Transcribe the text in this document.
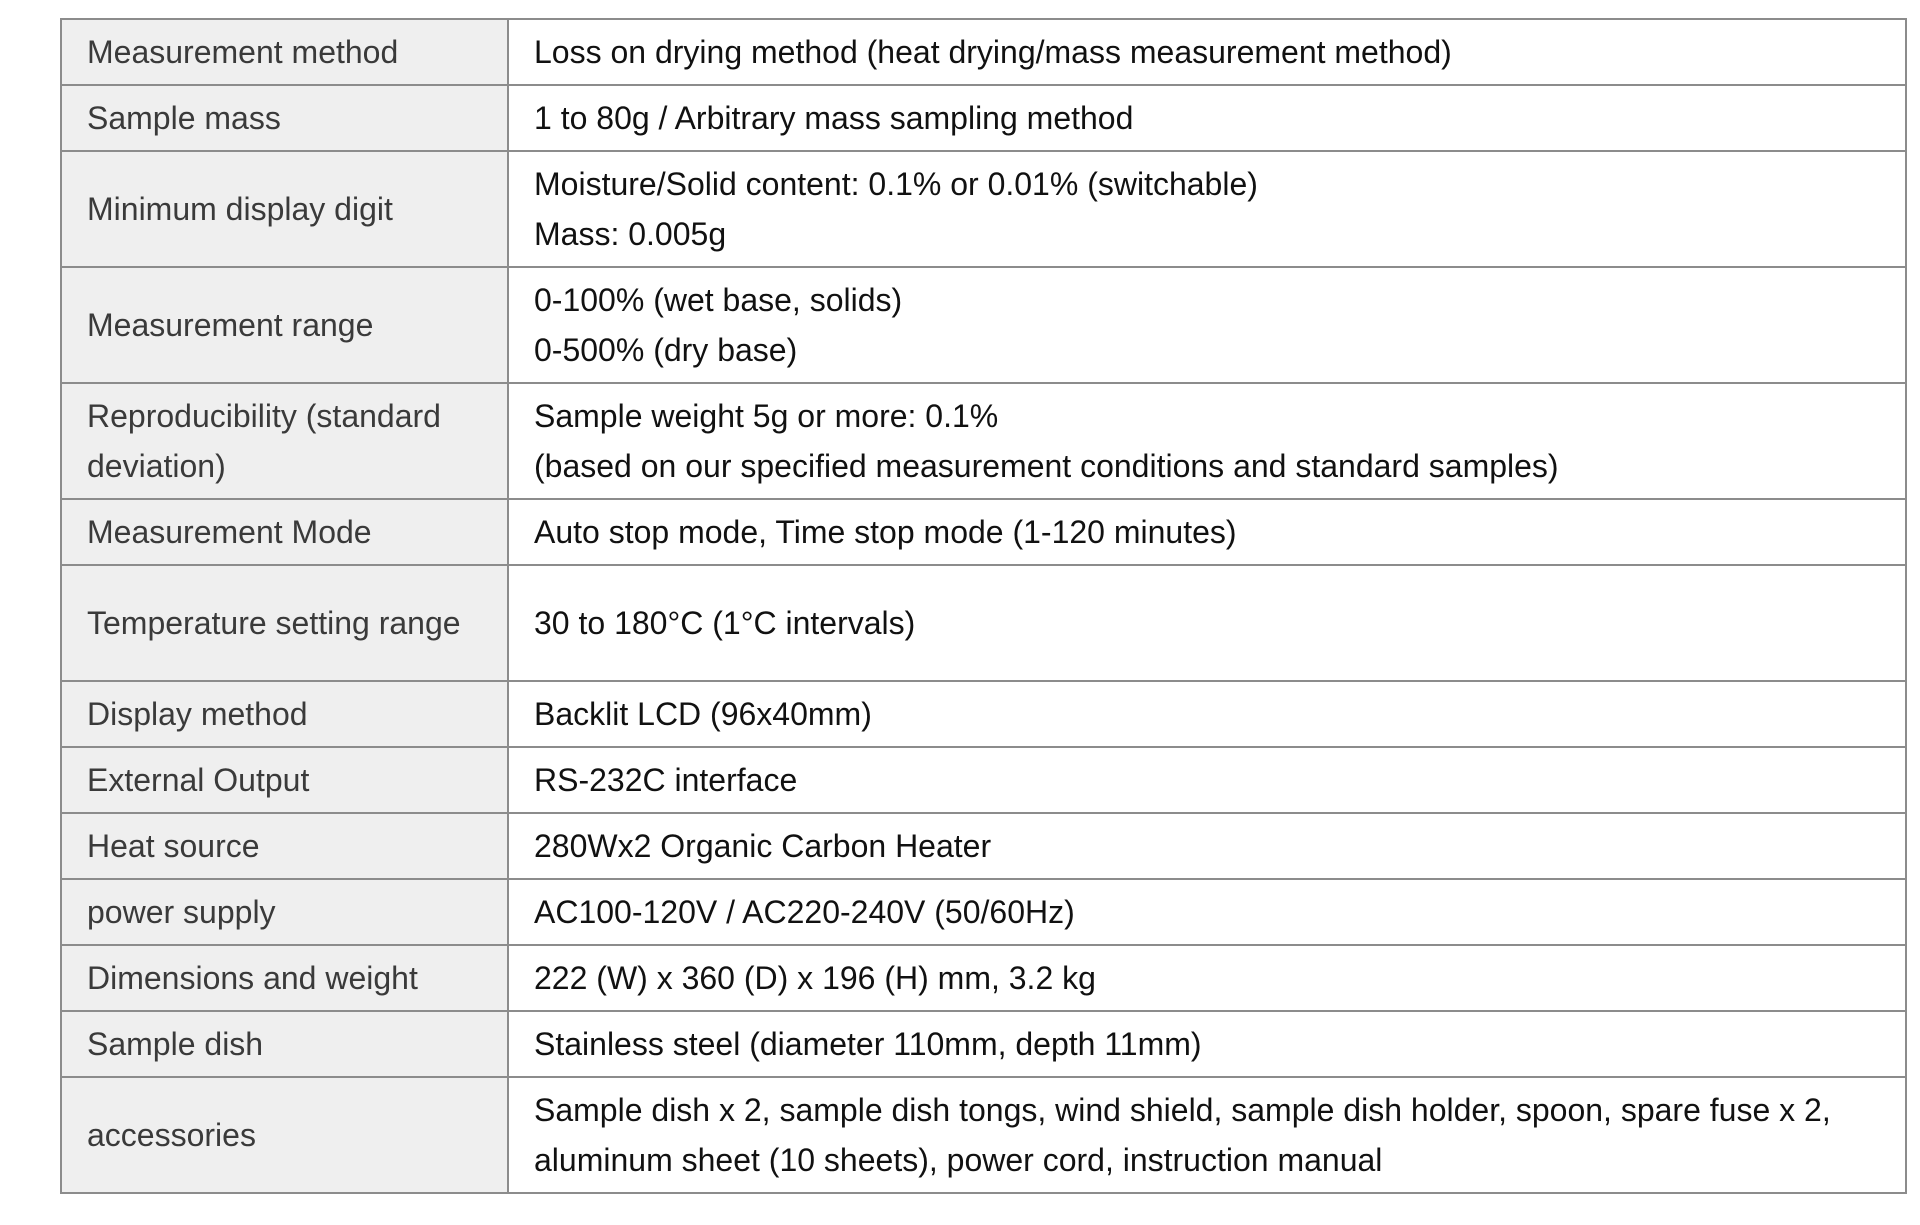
Measurement method	Loss on drying method (heat drying/mass measurement method)

Sample mass	1 to 80g / Arbitrary mass sampling method

Minimum display digit	Moisture/Solid content: 0.1% or 0.01% (switchable)
Mass: 0.005g

Measurement range	0-100% (wet base, solids)
0-500% (dry base)

Reproducibility (standard deviation)	Sample weight 5g or more: 0.1%
(based on our specified measurement conditions and standard samples)

Measurement Mode	Auto stop mode, Time stop mode (1-120 minutes)

Temperature setting range	30 to 180°C (1°C intervals)

Display method	Backlit LCD (96x40mm)

External Output	RS-232C interface

Heat source	280Wx2 Organic Carbon Heater

power supply	AC100-120V / AC220-240V (50/60Hz)

Dimensions and weight	222 (W) x 360 (D) x 196 (H) mm, 3.2 kg

Sample dish	Stainless steel (diameter 110mm, depth 11mm)

accessories	Sample dish x 2, sample dish tongs, wind shield, sample dish holder, spoon, spare fuse x 2, aluminum sheet (10 sheets), power cord, instruction manual
